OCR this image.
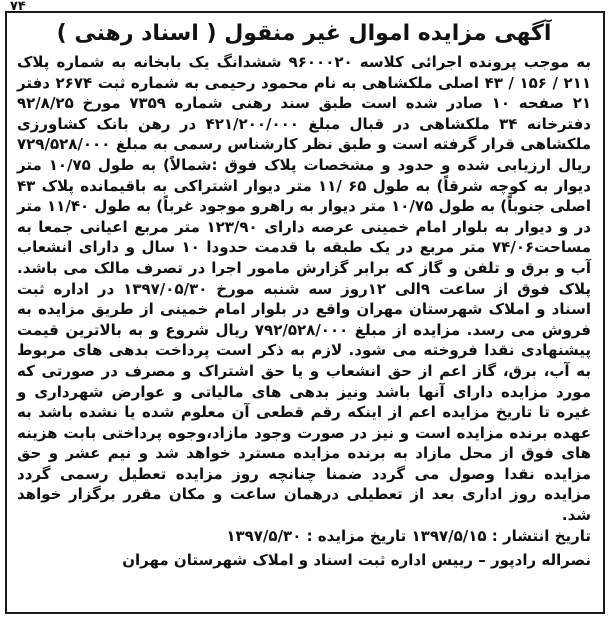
۷۴
آگهی مزایده اموال غیر منقول ( اسناد رهنی )

به موجب پرونده اجرائی کلاسه ۹۶۰۰۰۲۰ ششدانگ یک بابخانه به شماره پلاک ۲۱۱ / ۱۵۶ / ۴۳ اصلی ملکشاهی به نام محمود رحیمی به شماره ثبت ۲۶۷۴ دفتر ۲۱ صفحه ۱۰ صادر شده است طبق سند رهنی شماره ۷۳۵۹ مورخ ۹۲/۸/۲۵ دفترخانه ۳۴ ملکشاهی در قبال مبلغ ۴۲۱/۲۰۰/۰۰۰ در رهن بانک کشاورزی ملکشاهی قرار گرفته است و طبق نظر کارشناس رسمی به مبلغ ۷۲۹/۵۲۸/۰۰۰ ریال ارزیابی شده و حدود و مشخصات پلاک فوق :شمالاً) به طول ۱۰/۷۵ متر دیوار به کوچه شرقاً) به طول ۶۵ /۱۱ متر دیوار اشتراکی به باقیمانده پلاک ۴۳ اصلی جنوباً) به طول ۱۰/۷۵ متر دیوار به راهرو موجود غرباً) به طول ۱۱/۴۰ متر در و دیوار به بلوار امام خمینی عرصه دارای ۱۲۳/۹۰ متر مربع اعیانی جمعا به مساحت۷۴/۰۶ متر مربع در یک طبقه با قدمت حدودا ۱۰ سال و دارای انشعاب آب و برق و تلفن و گاز که برابر گزارش مامور اجرا در تصرف مالک می باشد. پلاک فوق از ساعت ۹الی ۱۲روز سه شنبه مورخ ۱۳۹۷/۰۵/۳۰ در اداره ثبت اسناد و املاک شهرستان مهران واقع در بلوار امام خمینی از طریق مزایده به فروش می رسد. مزایده از مبلغ ۷۹۲/۵۲۸/۰۰۰ ریال شروع و به بالاترین قیمت پیشنهادی نقدا فروخته می شود. لازم به ذکر است پرداخت بدهی های مربوط به آب، برق، گاز اعم از حق انشعاب و یا حق اشتراک و مصرف در صورتی که مورد مزایده دارای آنها باشد ونیز بدهی های مالیاتی و عوارض شهرداری و غیره تا تاریخ مزایده اعم از اینکه رقم قطعی آن معلوم شده یا نشده باشد به عهده برنده مزایده است و نیز در صورت وجود مازاد،وجوه پرداختی بابت هزینه های فوق از محل مازاد به برنده مزایده مسترد خواهد شد و نیم عشر و حق مزایده نقدا وصول می گردد ضمنا چنانچه روز مزایده تعطیل رسمی گردد مزایده روز اداری بعد از تعطیلی درهمان ساعت و مکان مقرر برگزار خواهد شد.

تاریخ انتشار : ۱۳۹۷/۵/۱۵ تاریخ مزایده : ۱۳۹۷/۵/۳۰

نصراله رادپور – رییس اداره ثبت اسناد و املاک شهرستان مهران
